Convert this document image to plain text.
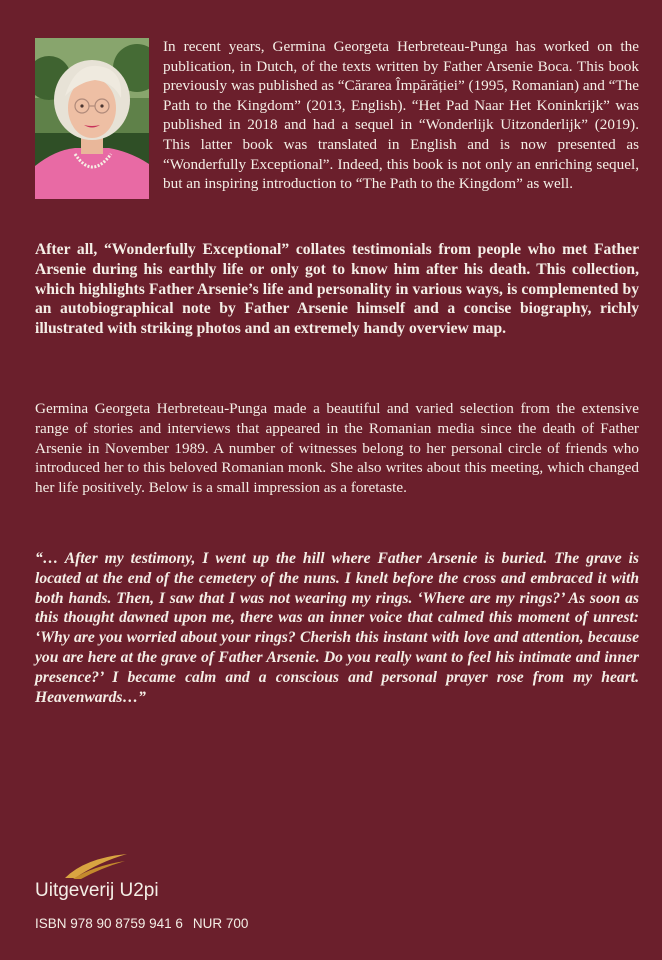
In recent years, Germina Georgeta Herbreteau-Punga has worked on the publication, in Dutch, of the texts written by Father Arsenie Boca. This book previously was published as “Cărarea Împărăției” (1995, Romanian) and “The Path to the Kingdom” (2013, English). “Het Pad Naar Het Koninkrijk” was published in 2018 and had a sequel in “Wonderlijk Uitzonderlijk” (2019). This latter book was translated in English and is now presented as “Wonderfully Exceptional”. Indeed, this book is not only an enriching sequel, but an inspiring introduction to “The Path to the Kingdom” as well.
After all, “Wonderfully Exceptional” collates testimonials from people who met Father Arsenie during his earthly life or only got to know him after his death. This collection, which highlights Father Arsenie’s life and personality in various ways, is complemented by an autobiographical note by Father Arsenie himself and a concise biography, richly illustrated with striking photos and an extremely handy overview map.
Germina Georgeta Herbreteau-Punga made a beautiful and varied selection from the extensive range of stories and interviews that appeared in the Romanian media since the death of Father Arsenie in November 1989. A number of witnesses belong to her personal circle of friends who introduced her to this beloved Romanian monk. She also writes about this meeting, which changed her life positively. Below is a small impression as a foretaste.
“… After my testimony, I went up the hill where Father Arsenie is buried. The grave is located at the end of the cemetery of the nuns. I knelt before the cross and embraced it with both hands. Then, I saw that I was not wearing my rings. ‘Where are my rings?’ As soon as this thought dawned upon me, there was an inner voice that calmed this moment of unrest: ‘Why are you worried about your rings? Cherish this instant with love and attention, because you are here at the grave of Father Arsenie. Do you really want to feel his intimate and inner presence?’ I became calm and a conscious and personal prayer rose from my heart. Heavenwards…”
Uitgeverij U2pi
ISBN 978 90 8759 941 6 NUR 700
